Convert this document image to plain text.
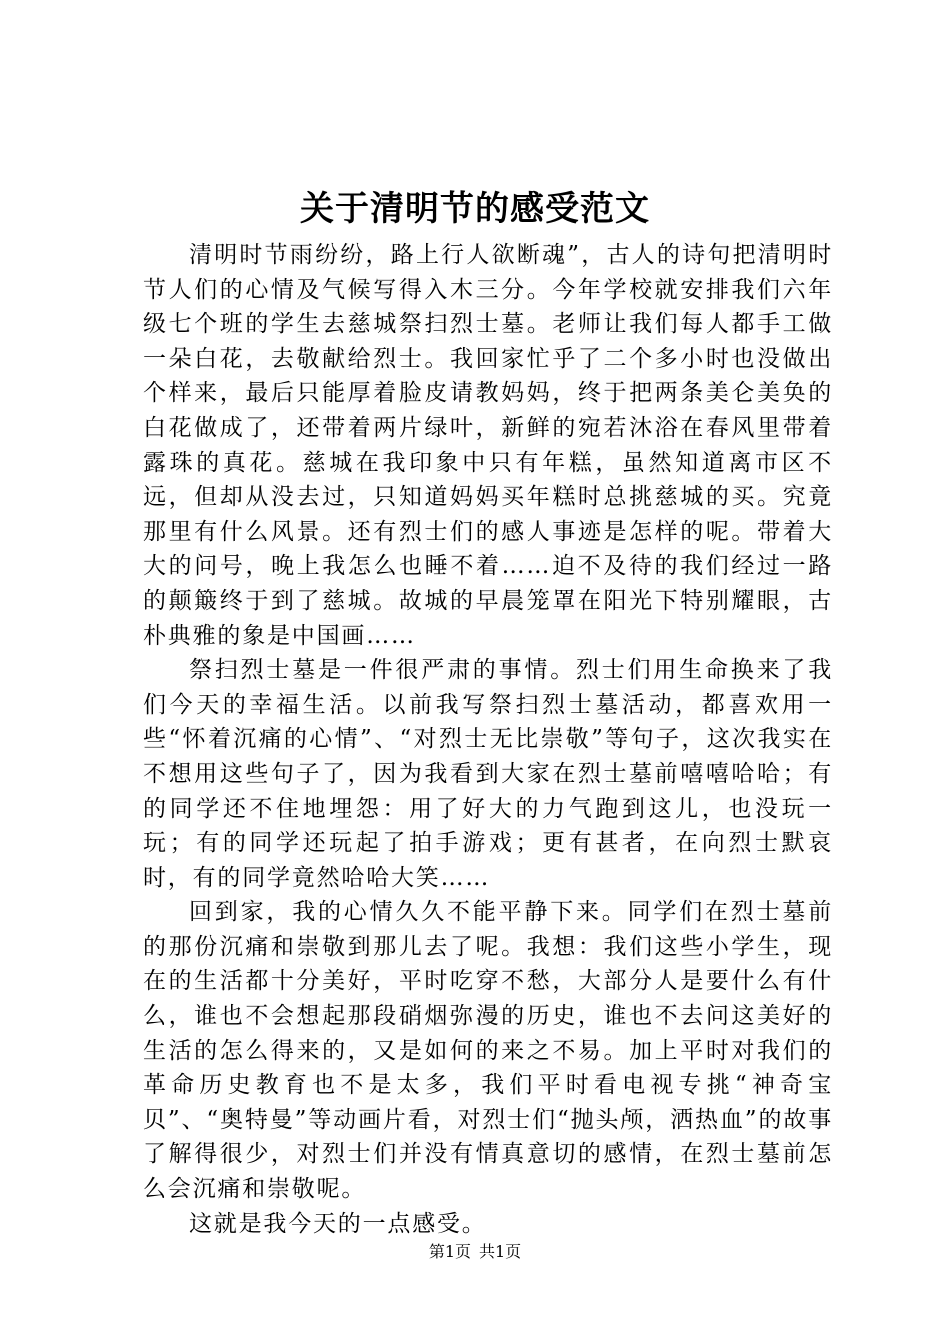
关于清明节的感受范文

清明时节雨纷纷，路上行人欲断魂”，古人的诗句把清明时节人们的心情及气候写得入木三分。今年学校就安排我们六年级七个班的学生去慈城祭扫烈士墓。老师让我们每人都手工做一朵白花，去敬献给烈士。我回家忙乎了二个多小时也没做出个样来，最后只能厚着脸皮请教妈妈，终于把两条美仑美奂的白花做成了，还带着两片绿叶，新鲜的宛若沐浴在春风里带着露珠的真花。慈城在我印象中只有年糕，虽然知道离市区不远，但却从没去过，只知道妈妈买年糕时总挑慈城的买。究竟那里有什么风景。还有烈士们的感人事迹是怎样的呢。带着大大的问号，晚上我怎么也睡不着……迫不及待的我们经过一路的颠簸终于到了慈城。故城的早晨笼罩在阳光下特别耀眼，古朴典雅的象是中国画……

祭扫烈士墓是一件很严肃的事情。烈士们用生命换来了我们今天的幸福生活。以前我写祭扫烈士墓活动，都喜欢用一些“怀着沉痛的心情”、“对烈士无比崇敬”等句子，这次我实在不想用这些句子了，因为我看到大家在烈士墓前嘻嘻哈哈；有的同学还不住地埋怨：用了好大的力气跑到这儿，也没玩一玩；有的同学还玩起了拍手游戏；更有甚者，在向烈士默哀时，有的同学竟然哈哈大笑……

回到家，我的心情久久不能平静下来。同学们在烈士墓前的那份沉痛和崇敬到那儿去了呢。我想：我们这些小学生，现在的生活都十分美好，平时吃穿不愁，大部分人是要什么有什么，谁也不会想起那段硝烟弥漫的历史，谁也不去问这美好的生活的怎么得来的，又是如何的来之不易。加上平时对我们的革命历史教育也不是太多，我们平时看电视专挑“神奇宝贝”、“奥特曼”等动画片看，对烈士们“抛头颅，洒热血”的故事了解得很少，对烈士们并没有情真意切的感情，在烈士墓前怎么会沉痛和崇敬呢。

这就是我今天的一点感受。

第1页 共1页
